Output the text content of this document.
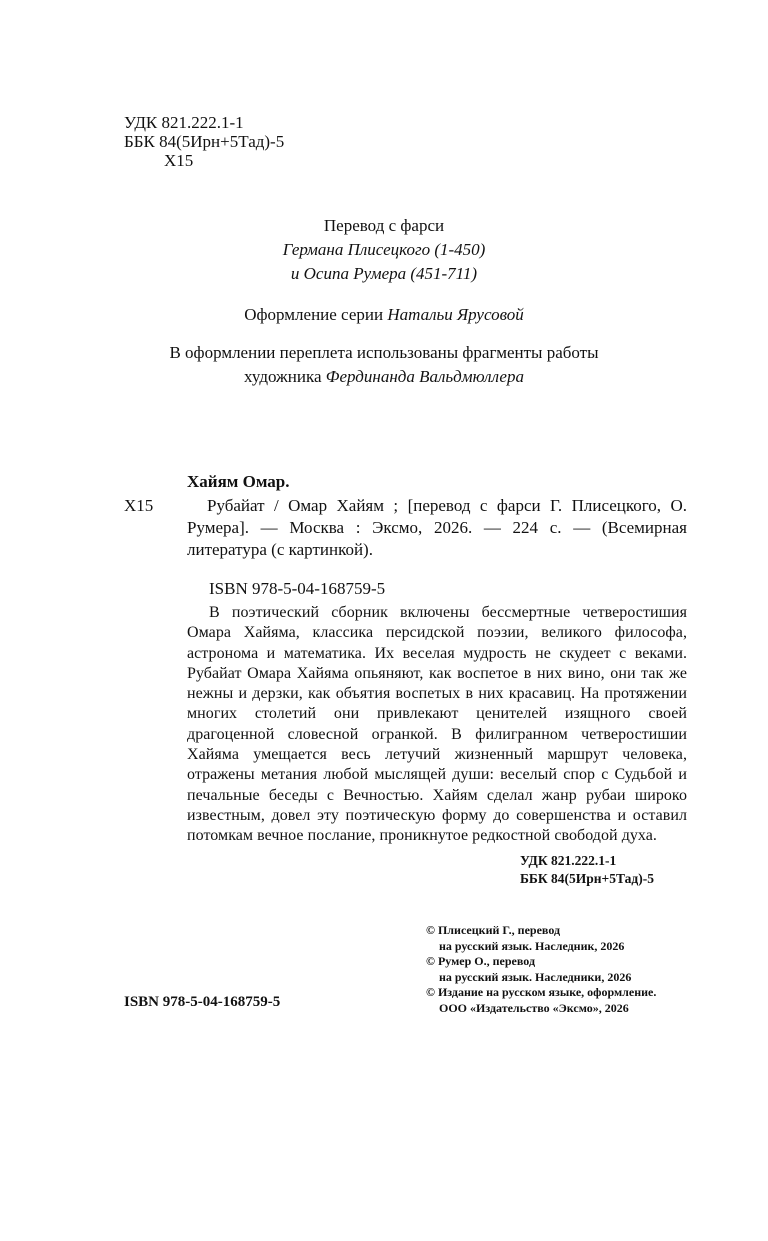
УДК 821.222.1-1
ББК 84(5Ирн+5Тад)-5
Х15
Перевод с фарси
Германа Плисецкого (1-450)
и Осипа Румера (451-711)
Оформление серии Натальи Ярусовой
В оформлении переплета использованы фрагменты работы
художника Фердинанда Вальдмюллера
Хайям Омар.
Х15	Рубайат / Омар Хайям ; [перевод с фарси Г. Плисецкого, О. Румера]. — Москва : Эксмо, 2026. — 224 с. — (Всемирная литература (с картинкой).
ISBN 978-5-04-168759-5
В поэтический сборник включены бессмертные четверостишия Омара Хайяма, классика персидской поэзии, великого философа, астронома и математика. Их веселая мудрость не скудеет с веками. Рубайат Омара Хайяма опьяняют, как воспетое в них вино, они так же нежны и дерзки, как объятия воспетых в них красавиц. На протяжении многих столетий они привлекают ценителей изящного своей драгоценной словесной огранкой. В филигранном четверостишии Хайяма умещается весь летучий жизненный маршрут человека, отражены метания любой мыслящей души: веселый спор с Судьбой и печальные беседы с Вечностью. Хайям сделал жанр рубаи широко известным, довел эту поэтическую форму до совершенства и оставил потомкам вечное послание, проникнутое редкостной свободой духа.
УДК 821.222.1-1
ББК 84(5Ирн+5Тад)-5
© Плисецкий Г., перевод
на русский язык. Наследник, 2026
© Румер О., перевод
на русский язык. Наследники, 2026
© Издание на русском языке, оформление.
ООО «Издательство «Эксмо», 2026
ISBN 978-5-04-168759-5
